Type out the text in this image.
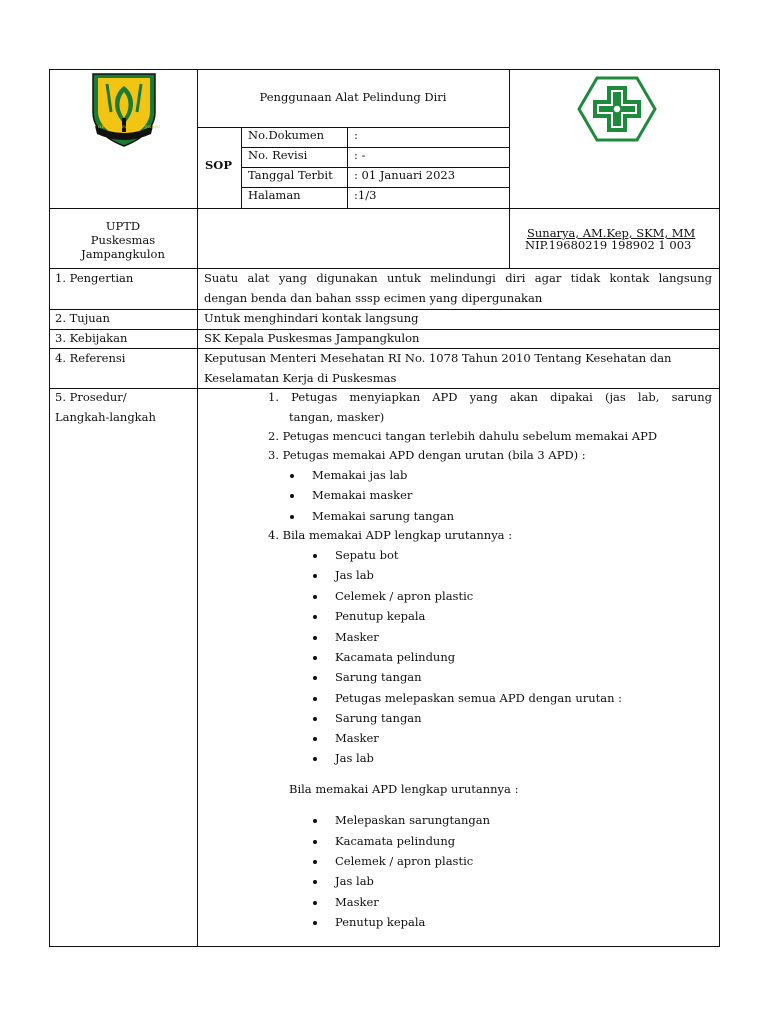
GEMAH RIPAH LOH JINAWI
Penggunaan Alat Pelindung Diri
SOP
No.Dokumen	:
No. Revisi	: -
Tanggal Terbit : 01 Januari 2023
Halaman	:1/3
UPTD
Puskesmas
Jampangkulon
Sunarya, AM.Kep, SKM, MM
NIP.19680219 198902 1 003
1. Pengertian	Suatu alat yang digunakan untuk melindungi diri agar tidak kontak langsung
dengan benda dan bahan sssp ecimen yang dipergunakan
2. Tujuan	Untuk menghindari kontak langsung
3. Kebijakan	SK Kepala Puskesmas Jampangkulon
4. Referensi	Keputusan Menteri Mesehatan RI No. 1078 Tahun 2010 Tentang Kesehatan dan
Keselamatan Kerja di Puskesmas
5. Prosedur/
Langkah-langkah
1. Petugas menyiapkan APD yang akan dipakai (jas lab, sarung
tangan, masker)
2. Petugas mencuci tangan terlebih dahulu sebelum memakai APD
3. Petugas memakai APD dengan urutan (bila 3 APD) :
Memakai jas lab
Memakai masker
Memakai sarung tangan
4. Bila memakai ADP lengkap urutannya :
Sepatu bot
Jas lab
Celemek / apron plastic
Penutup kepala
Masker
Kacamata pelindung
Sarung tangan
Petugas melepaskan semua APD dengan urutan :
Sarung tangan
Masker
Jas lab
Bila memakai APD lengkap urutannya :
Melepaskan sarungtangan
Kacamata pelindung
Celemek / apron plastic
Jas lab
Masker
Penutup kepala
